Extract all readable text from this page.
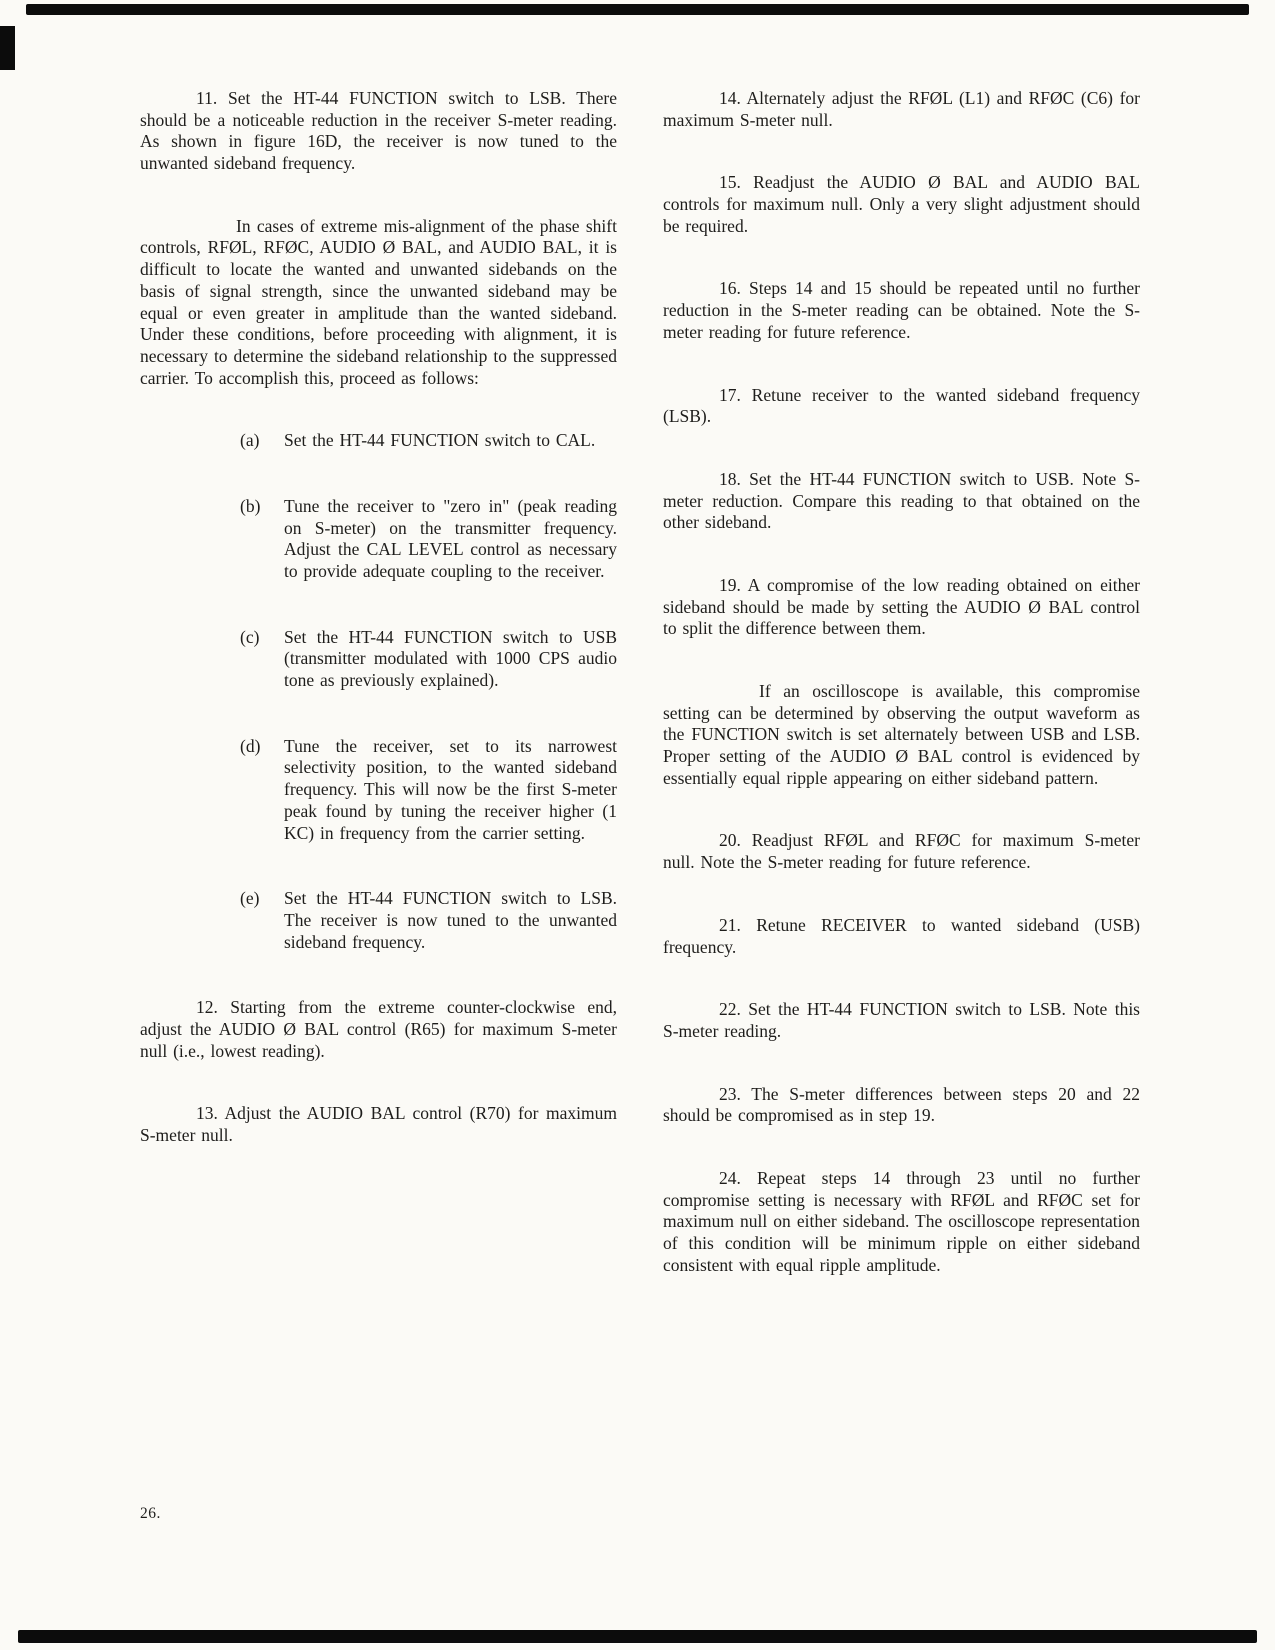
11. Set the HT-44 FUNCTION switch to LSB. There should be a noticeable reduction in the receiver S-meter reading. As shown in figure 16D, the receiver is now tuned to the unwanted sideband frequency.

In cases of extreme mis-alignment of the phase shift controls, RFØL, RFØC, AUDIO Ø BAL, and AUDIO BAL, it is difficult to locate the wanted and unwanted sidebands on the basis of signal strength, since the unwanted sideband may be equal or even greater in amplitude than the wanted sideband. Under these conditions, before proceeding with alignment, it is necessary to determine the sideband relationship to the suppressed carrier. To accomplish this, proceed as follows:

(a)	Set the HT-44 FUNCTION switch to CAL.

(b)	Tune the receiver to "zero in" (peak reading on S-meter) on the transmitter frequency. Adjust the CAL LEVEL control as necessary to provide adequate coupling to the receiver.

(c)	Set the HT-44 FUNCTION switch to USB (transmitter modulated with 1000 CPS audio tone as previously explained).

(d)	Tune the receiver, set to its narrowest selectivity position, to the wanted sideband frequency. This will now be the first S-meter peak found by tuning the receiver higher (1 KC) in frequency from the carrier setting.

(e)	Set the HT-44 FUNCTION switch to LSB. The receiver is now tuned to the unwanted sideband frequency.

12. Starting from the extreme counter-clockwise end, adjust the AUDIO Ø BAL control (R65) for maximum S-meter null (i.e., lowest reading).

13. Adjust the AUDIO BAL control (R70) for maximum S-meter null.

14. Alternately adjust the RFØL (L1) and RFØC (C6) for maximum S-meter null.

15. Readjust the AUDIO Ø BAL and AUDIO BAL controls for maximum null. Only a very slight adjustment should be required.

16. Steps 14 and 15 should be repeated until no further reduction in the S-meter reading can be obtained. Note the S-meter reading for future reference.

17. Retune receiver to the wanted sideband frequency (LSB).

18. Set the HT-44 FUNCTION switch to USB. Note S-meter reduction. Compare this reading to that obtained on the other sideband.

19. A compromise of the low reading obtained on either sideband should be made by setting the AUDIO Ø BAL control to split the difference between them.

If an oscilloscope is available, this compromise setting can be determined by observing the output waveform as the FUNCTION switch is set alternately between USB and LSB. Proper setting of the AUDIO Ø BAL control is evidenced by essentially equal ripple appearing on either sideband pattern.

20. Readjust RFØL and RFØC for maximum S-meter null. Note the S-meter reading for future reference.

21. Retune RECEIVER to wanted sideband (USB) frequency.

22. Set the HT-44 FUNCTION switch to LSB. Note this S-meter reading.

23. The S-meter differences between steps 20 and 22 should be compromised as in step 19.

24. Repeat steps 14 through 23 until no further compromise setting is necessary with RFØL and RFØC set for maximum null on either sideband. The oscilloscope representation of this condition will be minimum ripple on either sideband consistent with equal ripple amplitude.

26.
